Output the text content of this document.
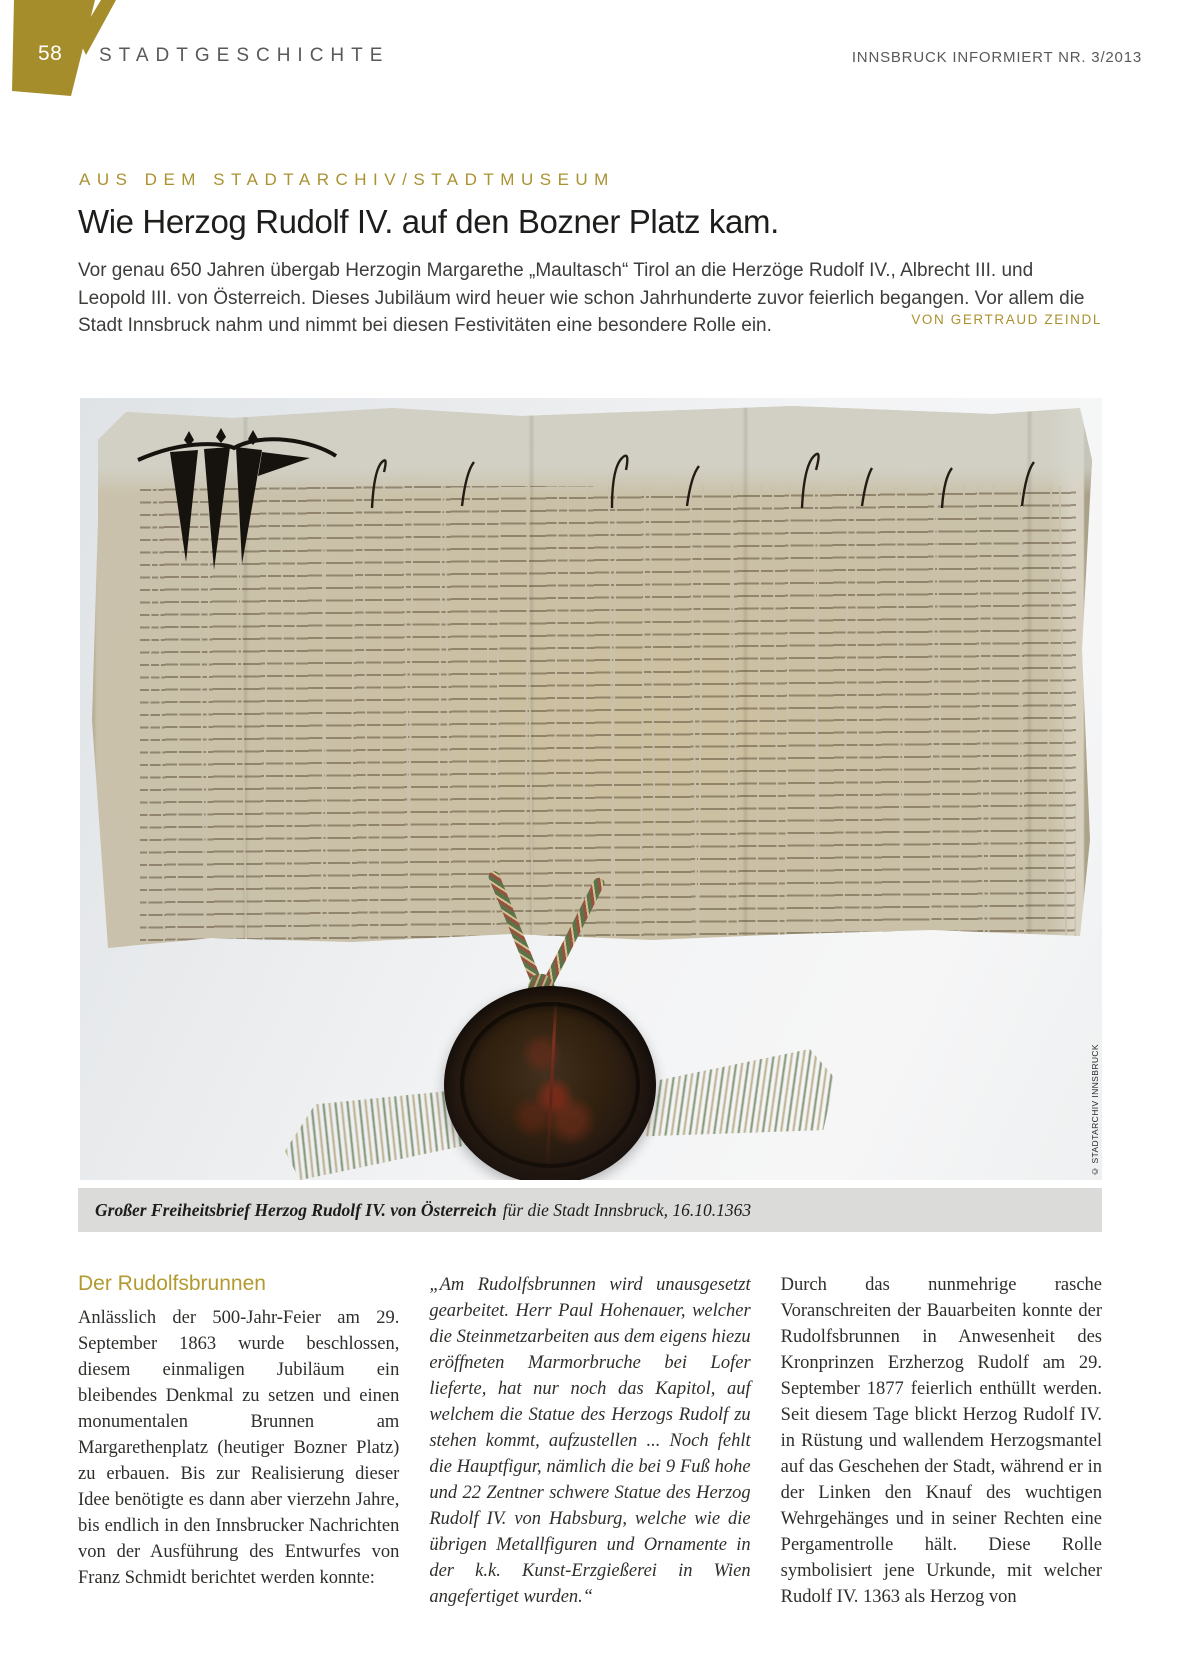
58 STADTGESCHICHTE	INNSBRUCK INFORMIERT NR. 3/2013
AUS DEM STADTARCHIV/STADTMUSEUM
Wie Herzog Rudolf IV. auf den Bozner Platz kam.

Vor genau 650 Jahren übergab Herzogin Margarethe „Maultasch“ Tirol an die Herzöge Rudolf IV., Albrecht III. und Leopold III. von Österreich. Dieses Jubiläum wird heuer wie schon Jahrhunderte zuvor feierlich begangen. Vor allem die Stadt Innsbruck nahm und nimmt bei diesen Festivitäten eine besondere Rolle ein.	VON GERTRAUD ZEINDL
© STADTARCHIV INNSBRUCK
Großer Freiheitsbrief Herzog Rudolf IV. von Österreich für die Stadt Innsbruck, 16.10.1363
Der Rudolfsbrunnen

Anlässlich der 500-Jahr-Feier am 29. September 1863 wurde beschlossen, diesem einmaligen Jubiläum ein bleibendes Denkmal zu setzen und einen monumentalen Brunnen am Margarethenplatz (heutiger Bozner Platz) zu erbauen. Bis zur Realisierung dieser Idee benötigte es dann aber vierzehn Jahre, bis endlich in den Innsbrucker Nachrichten von der Ausführung des Entwurfes von Franz Schmidt berichtet werden konnte:

„Am Rudolfsbrunnen wird unausgesetzt gearbeitet. Herr Paul Hohenauer, welcher die Steinmetzarbeiten aus dem eigens hiezu eröffneten Marmorbruche bei Lofer lieferte, hat nur noch das Kapitol, auf welchem die Statue des Herzogs Rudolf zu stehen kommt, aufzustellen ... Noch fehlt die Hauptfigur, nämlich die bei 9 Fuß hohe und 22 Zentner schwere Statue des Herzog Rudolf IV. von Habsburg, welche wie die übrigen Metallfiguren und Ornamente in der k.k. Kunst-Erzgießerei in Wien angefertiget wurden.“

Durch das nunmehrige rasche Voranschreiten der Bauarbeiten konnte der Rudolfsbrunnen in Anwesenheit des Kronprinzen Erzherzog Rudolf am 29. September 1877 feierlich enthüllt werden. Seit diesem Tage blickt Herzog Rudolf IV. in Rüstung und wallendem Herzogsmantel auf das Geschehen der Stadt, während er in der Linken den Knauf des wuchtigen Wehrgehänges und in seiner Rechten eine Pergamentrolle hält. Diese Rolle symbolisiert jene Urkunde, mit welcher Rudolf IV. 1363 als Herzog von
